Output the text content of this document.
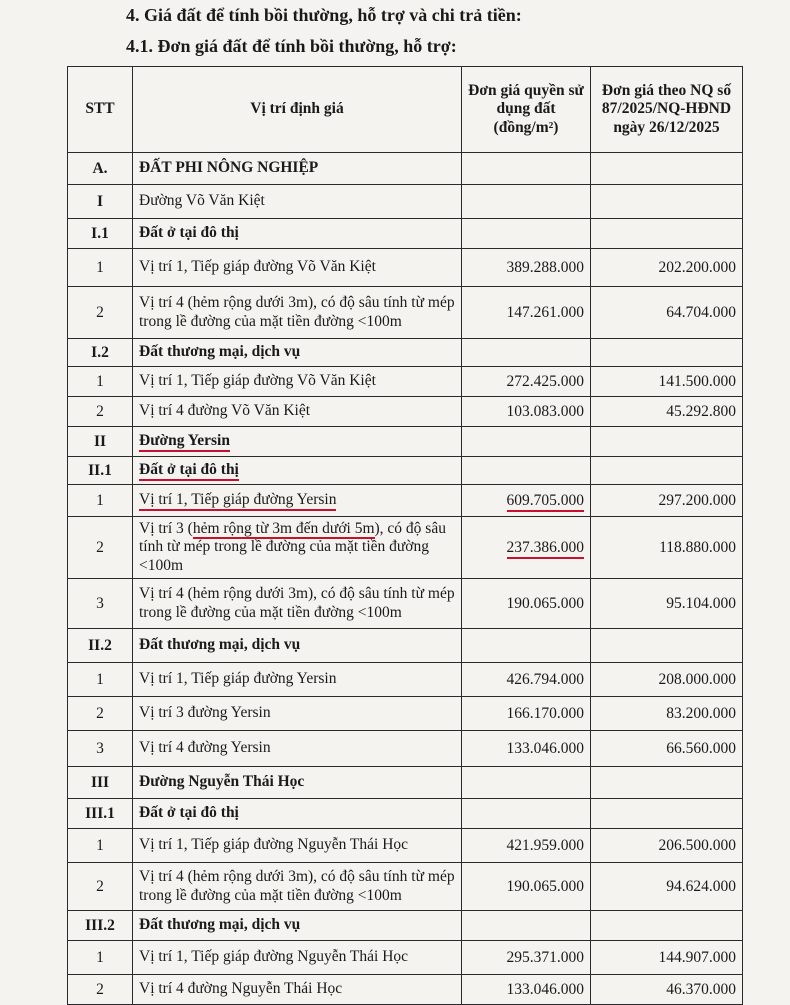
4. Giá đất để tính bồi thường, hỗ trợ và chi trả tiền:
4.1. Đơn giá đất để tính bồi thường, hỗ trợ:
STT	Vị trí định giá	Đơn giá quyền sử dụng đất (đồng/m²)	Đơn giá theo NQ số 87/2025/NQ-HĐND ngày 26/12/2025
A.	ĐẤT PHI NÔNG NGHIỆP		
I	Đường Võ Văn Kiệt		
I.1	Đất ở tại đô thị		
1	Vị trí 1, Tiếp giáp đường Võ Văn Kiệt	389.288.000	202.200.000
2	Vị trí 4 (hẻm rộng dưới 3m), có độ sâu tính từ mép trong lề đường của mặt tiền đường <100m	147.261.000	64.704.000
I.2	Đất thương mại, dịch vụ		
1	Vị trí 1, Tiếp giáp đường Võ Văn Kiệt	272.425.000	141.500.000
2	Vị trí 4 đường Võ Văn Kiệt	103.083.000	45.292.800
II	Đường Yersin		
II.1	Đất ở tại đô thị		
1	Vị trí 1, Tiếp giáp đường Yersin	609.705.000	297.200.000
2	Vị trí 3 (hẻm rộng từ 3m đến dưới 5m), có độ sâu tính từ mép trong lề đường của mặt tiền đường <100m	237.386.000	118.880.000
3	Vị trí 4 (hẻm rộng dưới 3m), có độ sâu tính từ mép trong lề đường của mặt tiền đường <100m	190.065.000	95.104.000
II.2	Đất thương mại, dịch vụ		
1	Vị trí 1, Tiếp giáp đường Yersin	426.794.000	208.000.000
2	Vị trí 3 đường Yersin	166.170.000	83.200.000
3	Vị trí 4 đường Yersin	133.046.000	66.560.000
III	Đường Nguyễn Thái Học		
III.1	Đất ở tại đô thị		
1	Vị trí 1, Tiếp giáp đường Nguyễn Thái Học	421.959.000	206.500.000
2	Vị trí 4 (hẻm rộng dưới 3m), có độ sâu tính từ mép trong lề đường của mặt tiền đường <100m	190.065.000	94.624.000
III.2	Đất thương mại, dịch vụ		
1	Vị trí 1, Tiếp giáp đường Nguyễn Thái Học	295.371.000	144.907.000
2	Vị trí 4 đường Nguyễn Thái Học	133.046.000	46.370.000
